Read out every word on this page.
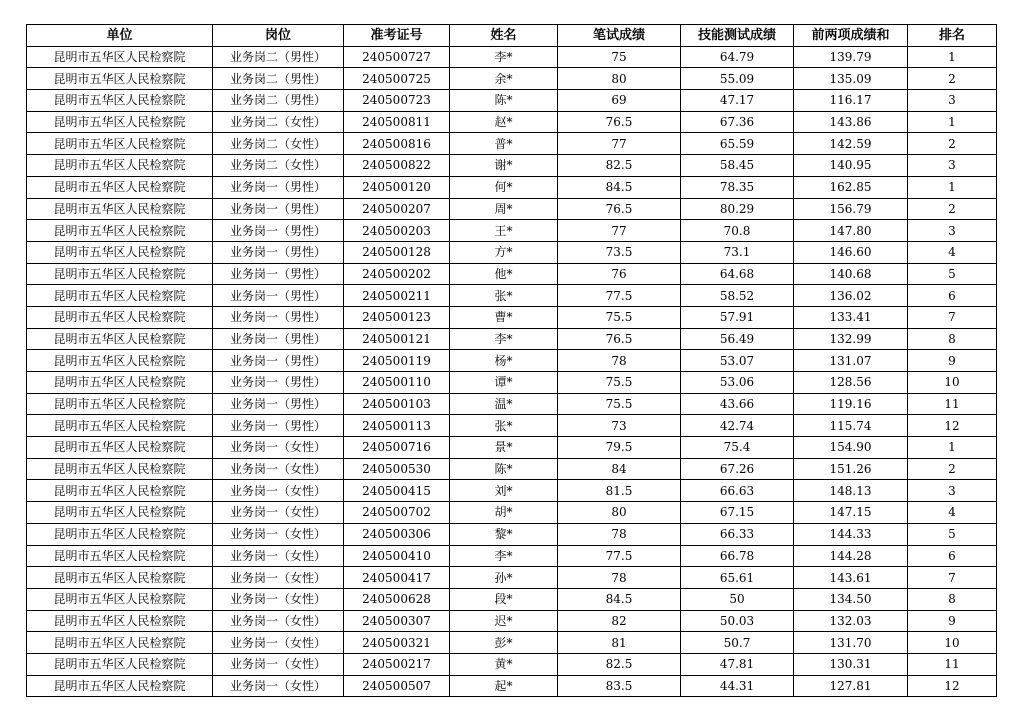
单位	岗位	准考证号	姓名	笔试成绩	技能测试成绩	前两项成绩和	排名
昆明市五华区人民检察院	业务岗二（男性）	240500727	李*	75	64.79	139.79	1
昆明市五华区人民检察院	业务岗二（男性）	240500725	余*	80	55.09	135.09	2
昆明市五华区人民检察院	业务岗二（男性）	240500723	陈*	69	47.17	116.17	3
昆明市五华区人民检察院	业务岗二（女性）	240500811	赵*	76.5	67.36	143.86	1
昆明市五华区人民检察院	业务岗二（女性）	240500816	普*	77	65.59	142.59	2
昆明市五华区人民检察院	业务岗二（女性）	240500822	谢*	82.5	58.45	140.95	3
昆明市五华区人民检察院	业务岗一（男性）	240500120	何*	84.5	78.35	162.85	1
昆明市五华区人民检察院	业务岗一（男性）	240500207	周*	76.5	80.29	156.79	2
昆明市五华区人民检察院	业务岗一（男性）	240500203	王*	77	70.8	147.80	3
昆明市五华区人民检察院	业务岗一（男性）	240500128	方*	73.5	73.1	146.60	4
昆明市五华区人民检察院	业务岗一（男性）	240500202	他*	76	64.68	140.68	5
昆明市五华区人民检察院	业务岗一（男性）	240500211	张*	77.5	58.52	136.02	6
昆明市五华区人民检察院	业务岗一（男性）	240500123	曹*	75.5	57.91	133.41	7
昆明市五华区人民检察院	业务岗一（男性）	240500121	李*	76.5	56.49	132.99	8
昆明市五华区人民检察院	业务岗一（男性）	240500119	杨*	78	53.07	131.07	9
昆明市五华区人民检察院	业务岗一（男性）	240500110	谭*	75.5	53.06	128.56	10
昆明市五华区人民检察院	业务岗一（男性）	240500103	温*	75.5	43.66	119.16	11
昆明市五华区人民检察院	业务岗一（男性）	240500113	张*	73	42.74	115.74	12
昆明市五华区人民检察院	业务岗一（女性）	240500716	景*	79.5	75.4	154.90	1
昆明市五华区人民检察院	业务岗一（女性）	240500530	陈*	84	67.26	151.26	2
昆明市五华区人民检察院	业务岗一（女性）	240500415	刘*	81.5	66.63	148.13	3
昆明市五华区人民检察院	业务岗一（女性）	240500702	胡*	80	67.15	147.15	4
昆明市五华区人民检察院	业务岗一（女性）	240500306	黎*	78	66.33	144.33	5
昆明市五华区人民检察院	业务岗一（女性）	240500410	李*	77.5	66.78	144.28	6
昆明市五华区人民检察院	业务岗一（女性）	240500417	孙*	78	65.61	143.61	7
昆明市五华区人民检察院	业务岗一（女性）	240500628	段*	84.5	50	134.50	8
昆明市五华区人民检察院	业务岗一（女性）	240500307	迟*	82	50.03	132.03	9
昆明市五华区人民检察院	业务岗一（女性）	240500321	彭*	81	50.7	131.70	10
昆明市五华区人民检察院	业务岗一（女性）	240500217	黄*	82.5	47.81	130.31	11
昆明市五华区人民检察院	业务岗一（女性）	240500507	起*	83.5	44.31	127.81	12
